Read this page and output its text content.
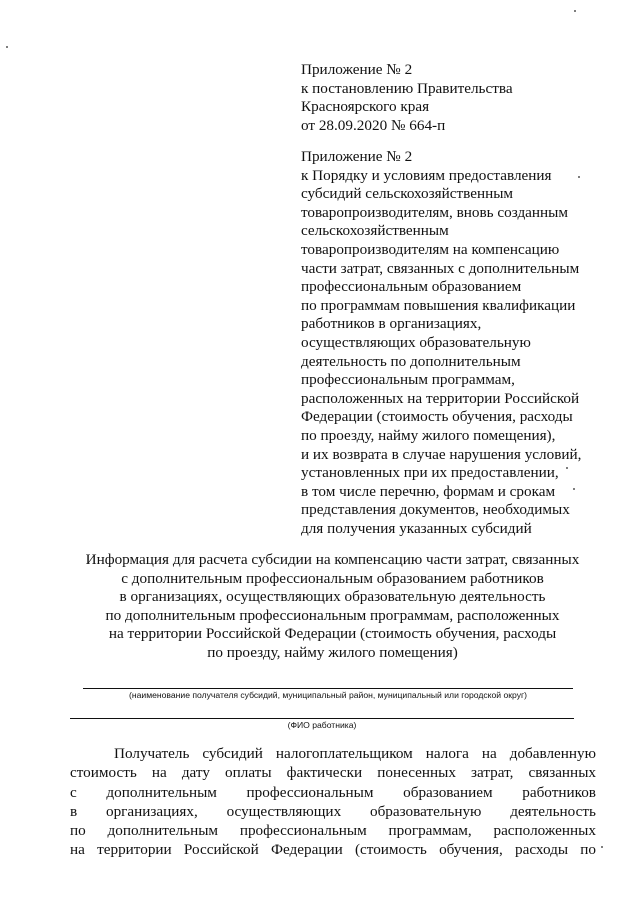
Приложение № 2
к постановлению Правительства
Красноярского края
от 28.09.2020 № 664-п
Приложение № 2
к Порядку и условиям предоставления
субсидий сельскохозяйственным
товаропроизводителям, вновь созданным
сельскохозяйственным
товаропроизводителям на компенсацию
части затрат, связанных с дополнительным
профессиональным образованием
по программам повышения квалификации
работников в организациях,
осуществляющих образовательную
деятельность по дополнительным
профессиональным программам,
расположенных на территории Российской
Федерации (стоимость обучения, расходы
по проезду, найму жилого помещения),
и их возврата в случае нарушения условий,
установленных при их предоставлении,
в том числе перечню, формам и срокам
представления документов, необходимых
для получения указанных субсидий
Информация для расчета субсидии на компенсацию части затрат, связанных
с дополнительным профессиональным образованием работников
в организациях, осуществляющих образовательную деятельность
по дополнительным профессиональным программам, расположенных
на территории Российской Федерации (стоимость обучения, расходы
по проезду, найму жилого помещения)
(наименование получателя субсидий, муниципальный район, муниципальный или городской округ)
(ФИО работника)
Получатель субсидий налогоплательщиком налога на добавленную
стоимость на дату оплаты фактически понесенных затрат, связанных
с дополнительным профессиональным образованием работников
в организациях, осуществляющих образовательную деятельность
по дополнительным профессиональным программам, расположенных
на территории Российской Федерации (стоимость обучения, расходы по
